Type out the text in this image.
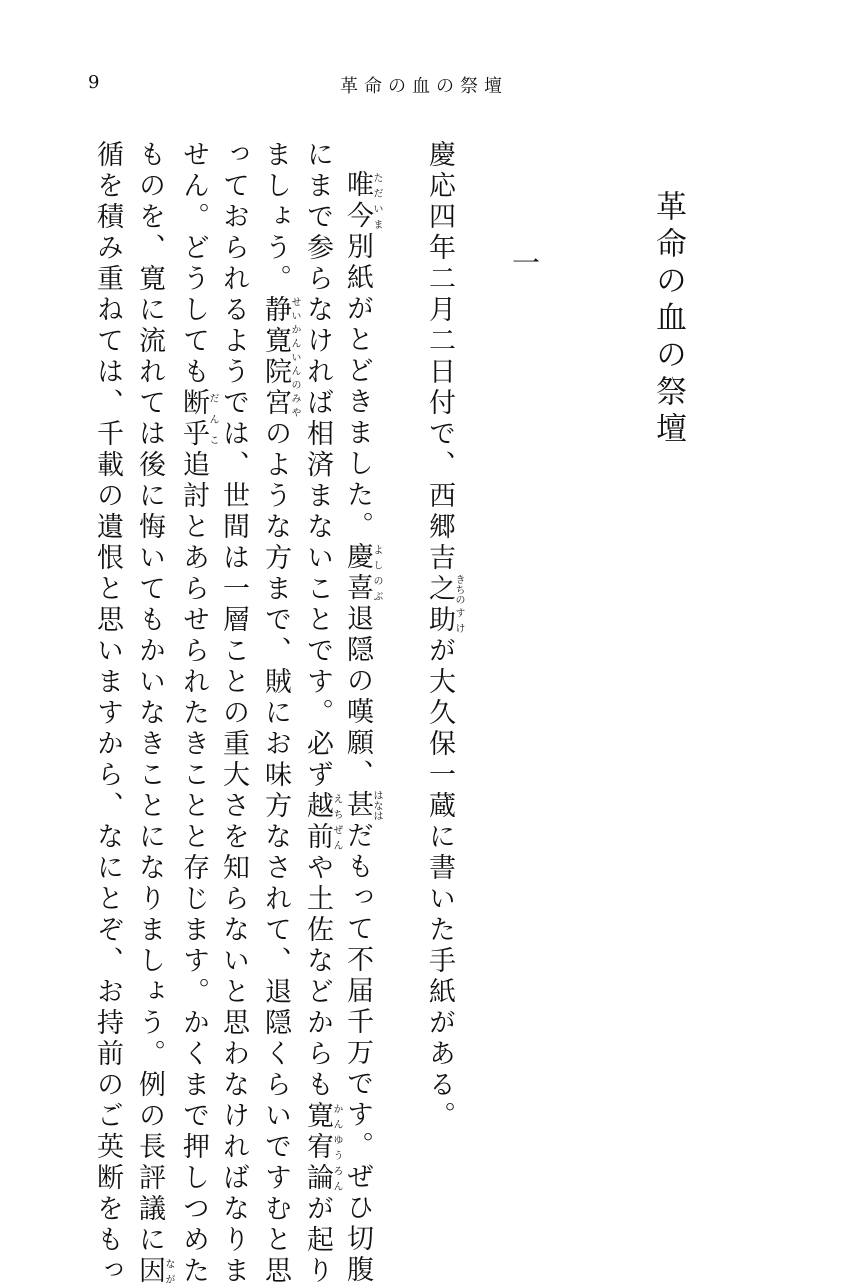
9	革命の血の祭壇
革命の血の祭壇
一
慶応四年二月二日付で、西郷吉之きちの助すけが大久保一蔵に書いた手紙がある。
唯今ただいま別紙がとどきました。慶喜よしのぶ退隠の嘆願、甚はなはだもって不届千万です。ぜひ切腹
にまで参らなければ相済まないことです。必ず越前えちぜんや土佐などからも寛宥論かんゆうろんが起り
ましょう。静寛院宮せいかんいんのみやのような方まで、賊にお味方なされて、退隠くらいですむと思
っておられるようでは、世間は一層ことの重大さを知らないと思わなければなりま
せん。どうしても断乎だんこ追討とあらせられたきことと存じます。かくまで押しつめた
ものを、寛に流れては後に悔いてもかいなきことになりましょう。例の長評議に因なが
循を積み重ねては、千載の遺恨と思いますから、なにとぞ、お持前のご英断をもっ
